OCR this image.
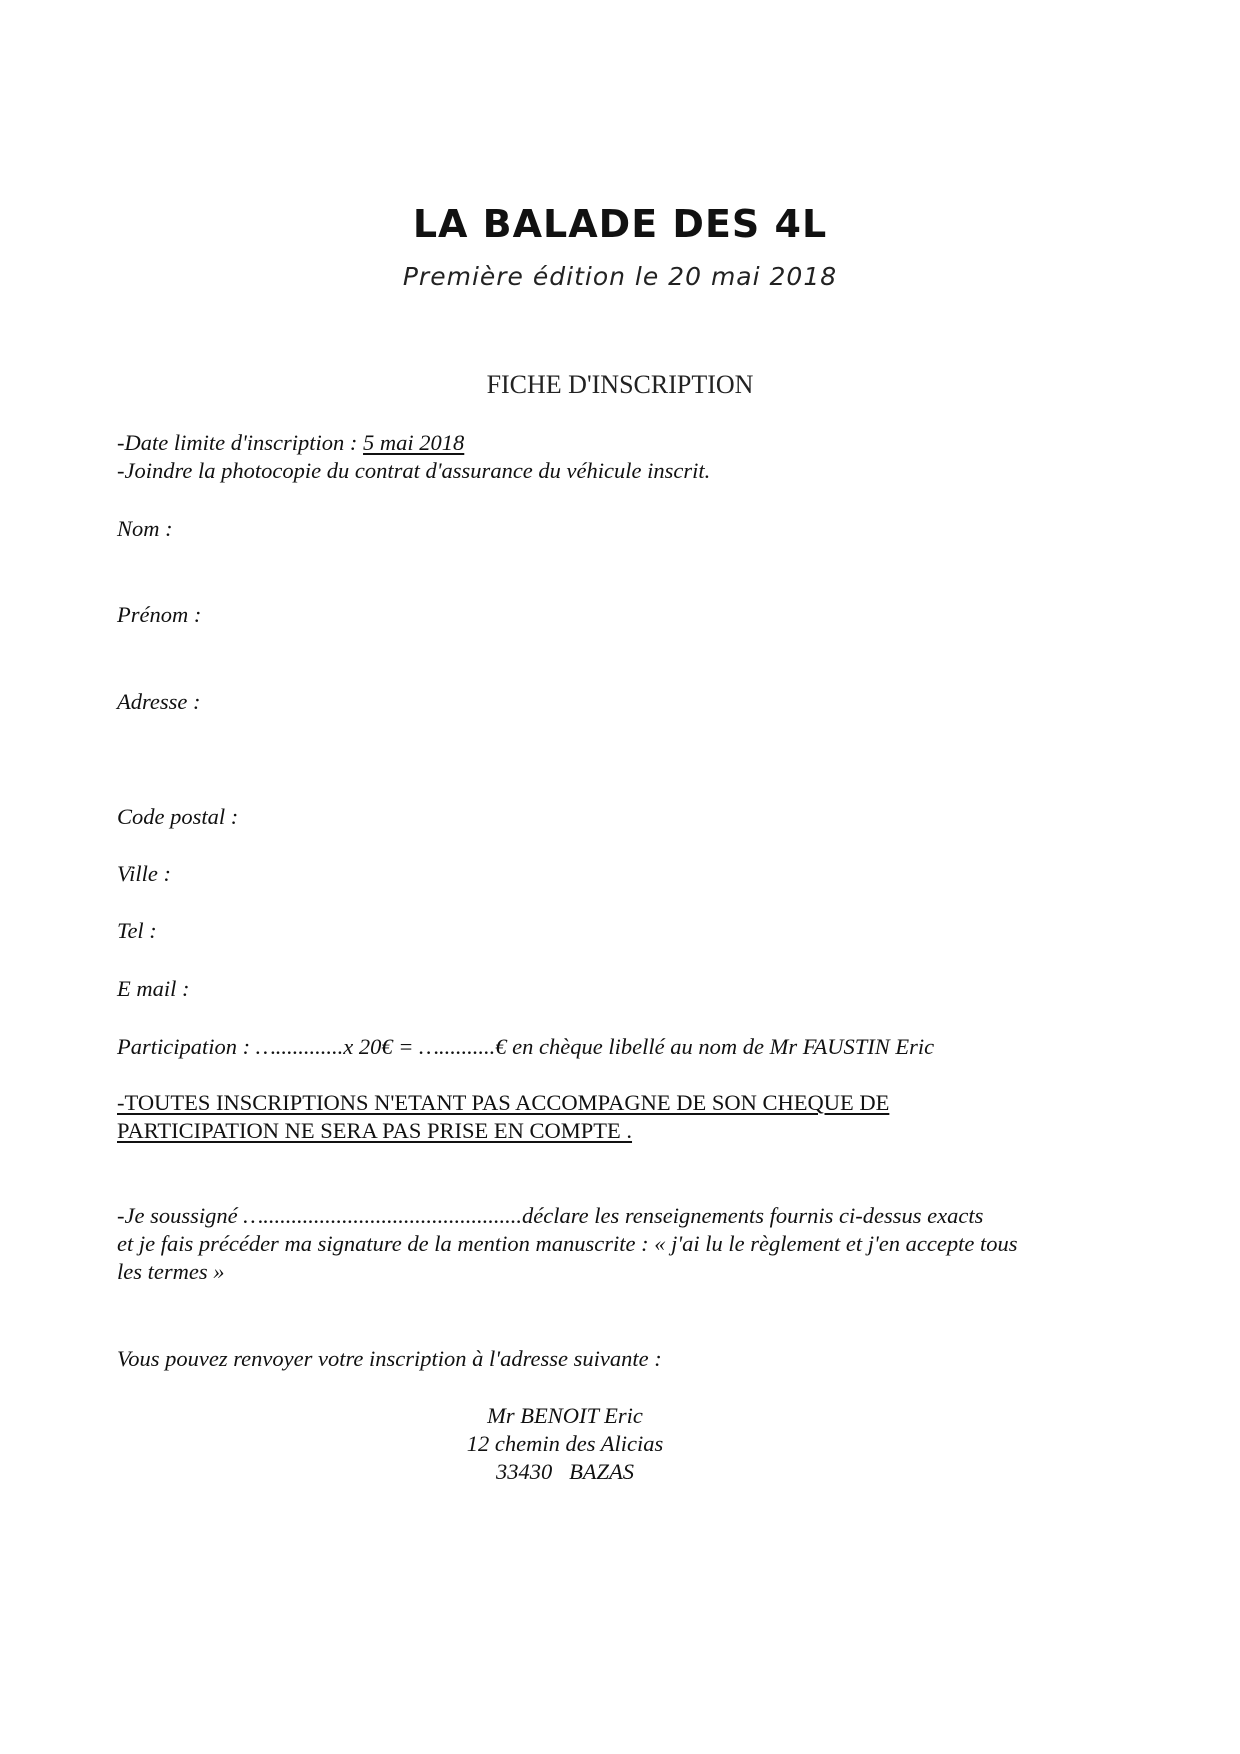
LA BALADE DES 4L
Première édition le 20 mai 2018
FICHE D'INSCRIPTION
-Date limite d'inscription : 5 mai 2018
-Joindre la photocopie du contrat d'assurance du véhicule inscrit.
Nom :
Prénom :
Adresse :
Code postal :
Ville :
Tel :
E mail :
Participation : …............x 20€ = …..........€ en chèque libellé au nom de Mr FAUSTIN Eric
-TOUTES INSCRIPTIONS N'ETANT PAS ACCOMPAGNE DE SON CHEQUE DE
PARTICIPATION NE SERA PAS PRISE EN COMPTE .
-Je soussigné …..............................................déclare les renseignements fournis ci-dessus exacts
et je fais précéder ma signature de la mention manuscrite : « j'ai lu le règlement et j'en accepte tous
les termes »
Vous pouvez renvoyer votre inscription à l'adresse suivante :
Mr BENOIT Eric
12 chemin des Alicias
33430   BAZAS
